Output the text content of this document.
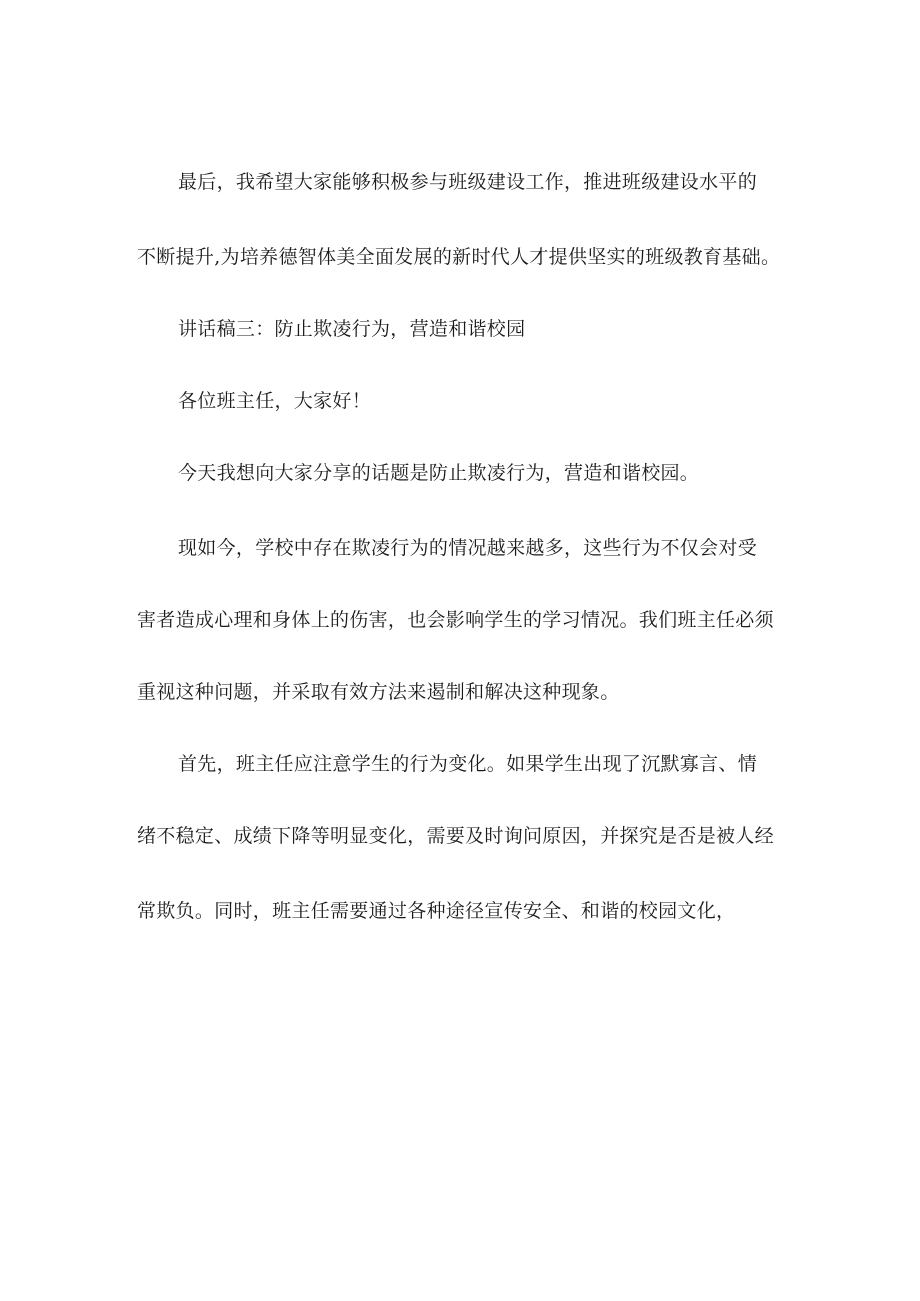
最后，我希望大家能够积极参与班级建设工作，推进班级建设水平的
不断提升,为培养德智体美全面发展的新时代人才提供坚实的班级教育基础。
讲话稿三：防止欺凌行为，营造和谐校园
各位班主任，大家好！
今天我想向大家分享的话题是防止欺凌行为，营造和谐校园。
现如今，学校中存在欺凌行为的情况越来越多，这些行为不仅会对受
害者造成心理和身体上的伤害，也会影响学生的学习情况。我们班主任必须
重视这种问题，并采取有效方法来遏制和解决这种现象。
首先，班主任应注意学生的行为变化。如果学生出现了沉默寡言、情
绪不稳定、成绩下降等明显变化，需要及时询问原因，并探究是否是被人经
常欺负。同时，班主任需要通过各种途径宣传安全、和谐的校园文化，
